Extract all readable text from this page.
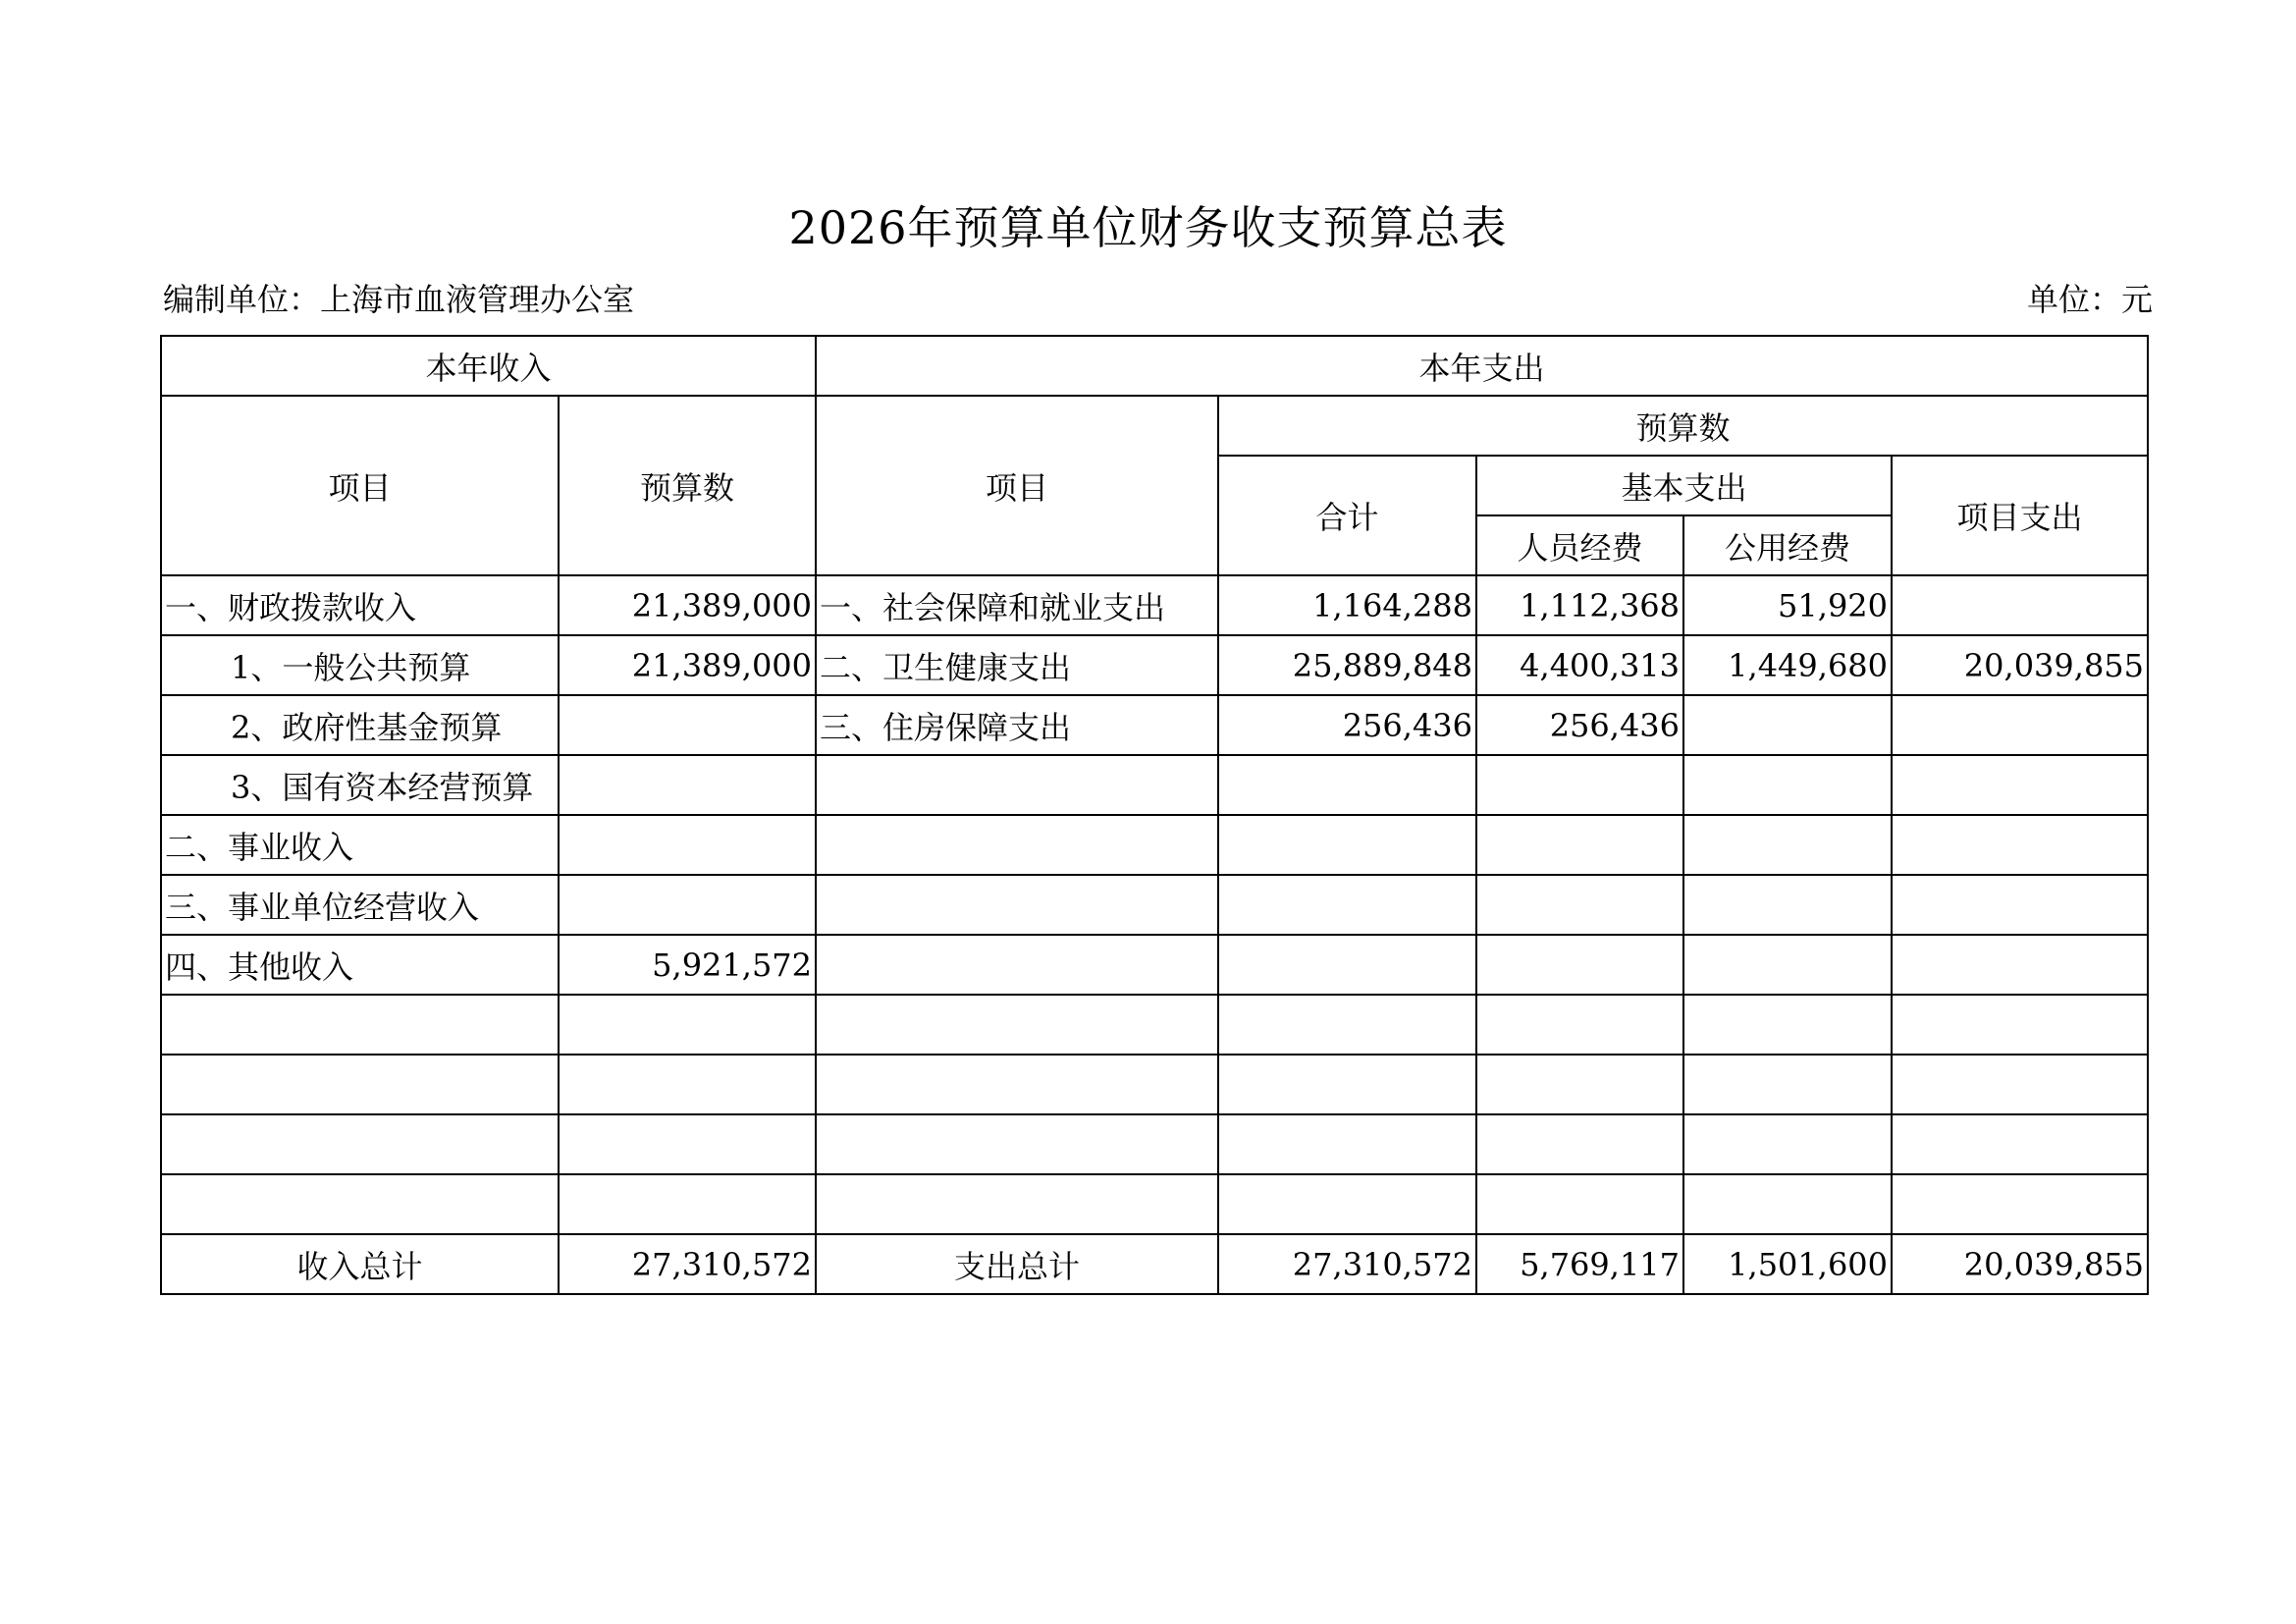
2026年预算单位财务收支预算总表
编制单位：上海市血液管理办公室	单位：元
本年收入		本年支出				
项目	预算数	项目	预算数			
			合计	基本支出		项目支出
				人员经费	公用经费	
一、财政拨款收入	21,389,000	一、社会保障和就业支出	1,164,288	1,112,368	51,920	
1、一般公共预算	21,389,000	二、卫生健康支出	25,889,848	4,400,313	1,449,680	20,039,855
2、政府性基金预算		三、住房保障支出	256,436	256,436		
3、国有资本经营预算						
二、事业收入						
三、事业单位经营收入						
四、其他收入	5,921,572					

收入总计	27,310,572	支出总计	27,310,572	5,769,117	1,501,600	20,039,855
